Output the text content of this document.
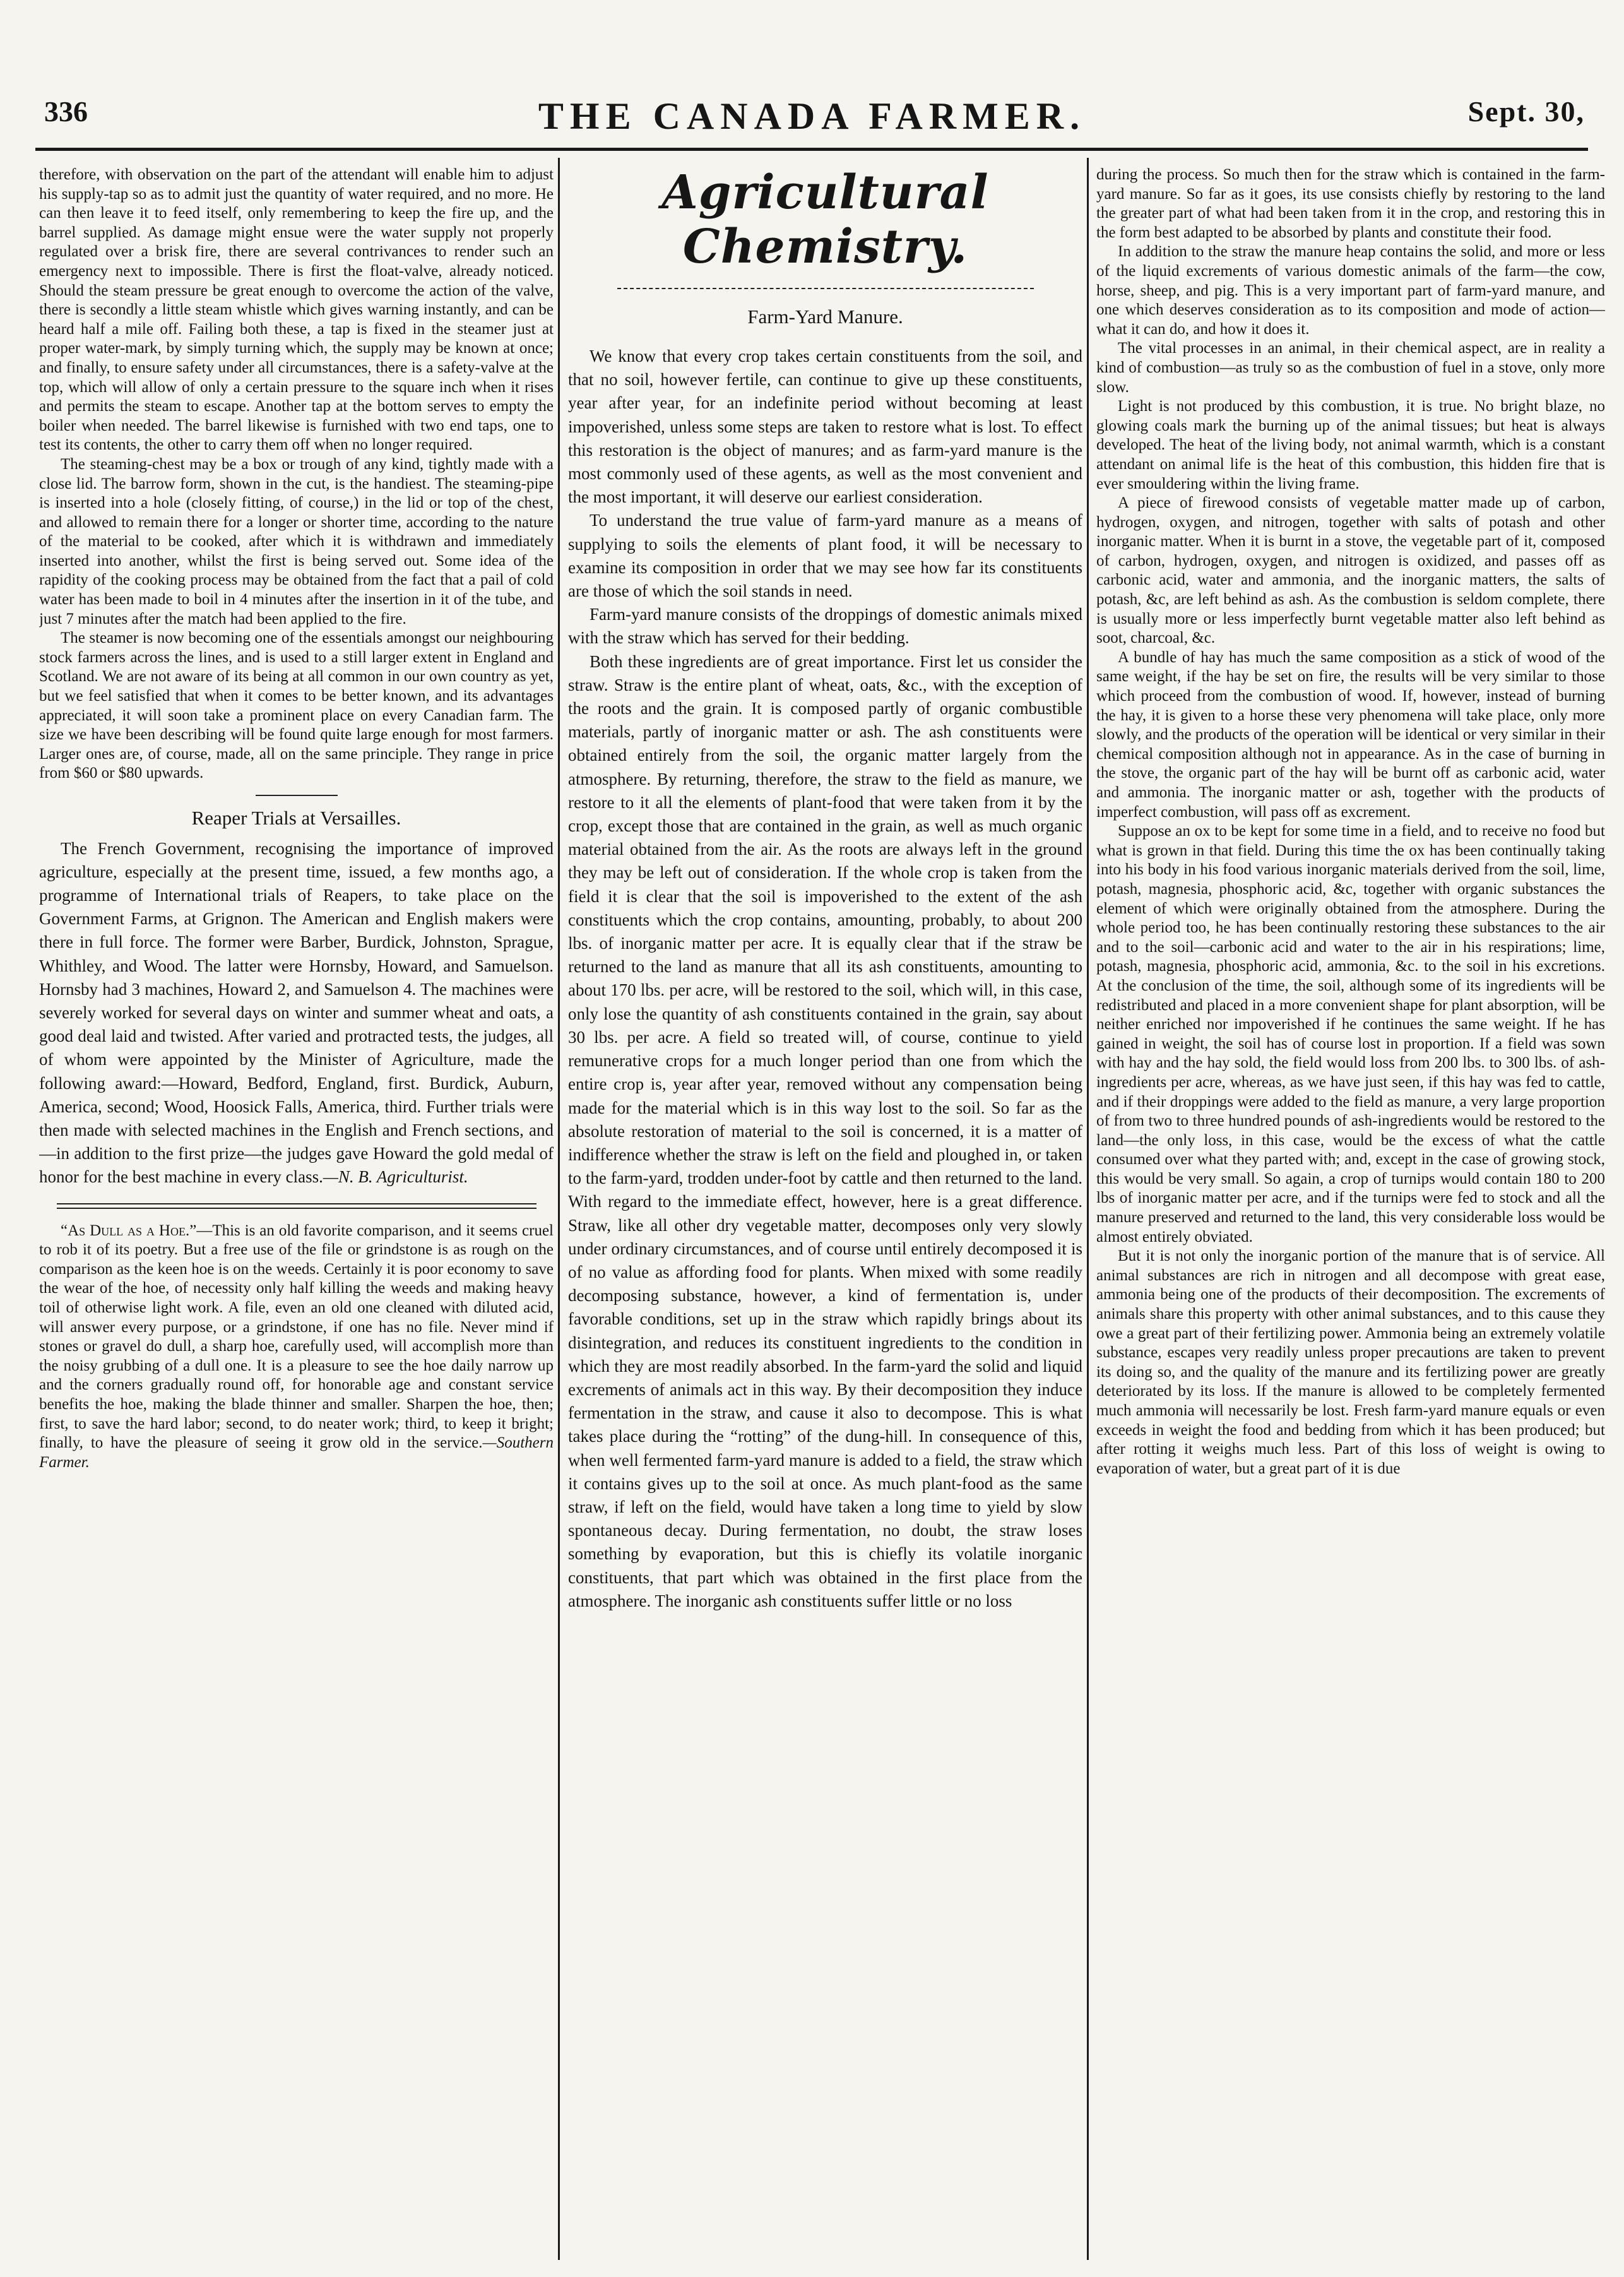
336	THE CANADA FARMER.	Sept. 30,

therefore, with observation on the part of the attendant will enable him to adjust his supply-tap so as to admit just the quantity of water required, and no more. He can then leave it to feed itself, only remembering to keep the fire up, and the barrel supplied. As damage might ensue were the water supply not properly regulated over a brisk fire, there are several contrivances to render such an emergency next to impossible. There is first the float-valve, already noticed. Should the steam pressure be great enough to overcome the action of the valve, there is secondly a little steam whistle which gives warning instantly, and can be heard half a mile off. Failing both these, a tap is fixed in the steamer just at proper water-mark, by simply turning which, the supply may be known at once; and finally, to ensure safety under all circumstances, there is a safety-valve at the top, which will allow of only a certain pressure to the square inch when it rises and permits the steam to escape. Another tap at the bottom serves to empty the boiler when needed. The barrel likewise is furnished with two end taps, one to test its contents, the other to carry them off when no longer required.

The steaming-chest may be a box or trough of any kind, tightly made with a close lid. The barrow form, shown in the cut, is the handiest. The steaming-pipe is inserted into a hole (closely fitting, of course,) in the lid or top of the chest, and allowed to remain there for a longer or shorter time, according to the nature of the material to be cooked, after which it is withdrawn and immediately inserted into another, whilst the first is being served out. Some idea of the rapidity of the cooking process may be obtained from the fact that a pail of cold water has been made to boil in 4 minutes after the insertion in it of the tube, and just 7 minutes after the match had been applied to the fire.

The steamer is now becoming one of the essentials amongst our neighbouring stock farmers across the lines, and is used to a still larger extent in England and Scotland. We are not aware of its being at all common in our own country as yet, but we feel satisfied that when it comes to be better known, and its advantages appreciated, it will soon take a prominent place on every Canadian farm. The size we have been describing will be found quite large enough for most farmers. Larger ones are, of course, made, all on the same principle. They range in price from $60 or $80 upwards.

Reaper Trials at Versailles.

The French Government, recognising the importance of improved agriculture, especially at the present time, issued, a few months ago, a programme of International trials of Reapers, to take place on the Government Farms, at Grignon. The American and English makers were there in full force. The former were Barber, Burdick, Johnston, Sprague, Whithley, and Wood. The latter were Hornsby, Howard, and Samuelson. Hornsby had 3 machines, Howard 2, and Samuelson 4. The machines were severely worked for several days on winter and summer wheat and oats, a good deal laid and twisted. After varied and protracted tests, the judges, all of whom were appointed by the Minister of Agriculture, made the following award:—Howard, Bedford, England, first. Burdick, Auburn, America, second; Wood, Hoosick Falls, America, third. Further trials were then made with selected machines in the English and French sections, and—in addition to the first prize—the judges gave Howard the gold medal of honor for the best machine in every class.—N. B. Agriculturist.

“As Dull as a Hoe.”—This is an old favorite comparison, and it seems cruel to rob it of its poetry. But a free use of the file or grindstone is as rough on the comparison as the keen hoe is on the weeds. Certainly it is poor economy to save the wear of the hoe, of necessity only half killing the weeds and making heavy toil of otherwise light work. A file, even an old one cleaned with diluted acid, will answer every purpose, or a grindstone, if one has no file. Never mind if stones or gravel do dull, a sharp hoe, carefully used, will accomplish more than the noisy grubbing of a dull one. It is a pleasure to see the hoe daily narrow up and the corners gradually round off, for honorable age and constant service benefits the hoe, making the blade thinner and smaller. Sharpen the hoe, then; first, to save the hard labor; second, to do neater work; third, to keep it bright; finally, to have the pleasure of seeing it grow old in the service.—Southern Farmer.

Agricultural Chemistry.
Farm-Yard Manure.

We know that every crop takes certain constituents from the soil, and that no soil, however fertile, can continue to give up these constituents, year after year, for an indefinite period without becoming at least impoverished, unless some steps are taken to restore what is lost. To effect this restoration is the object of manures; and as farm-yard manure is the most commonly used of these agents, as well as the most convenient and the most important, it will deserve our earliest consideration.

To understand the true value of farm-yard manure as a means of supplying to soils the elements of plant food, it will be necessary to examine its composition in order that we may see how far its constituents are those of which the soil stands in need.

Farm-yard manure consists of the droppings of domestic animals mixed with the straw which has served for their bedding.

Both these ingredients are of great importance. First let us consider the straw. Straw is the entire plant of wheat, oats, &c., with the exception of the roots and the grain. It is composed partly of organic combustible materials, partly of inorganic matter or ash. The ash constituents were obtained entirely from the soil, the organic matter largely from the atmosphere. By returning, therefore, the straw to the field as manure, we restore to it all the elements of plant-food that were taken from it by the crop, except those that are contained in the grain, as well as much organic material obtained from the air. As the roots are always left in the ground they may be left out of consideration. If the whole crop is taken from the field it is clear that the soil is impoverished to the extent of the ash constituents which the crop contains, amounting, probably, to about 200 lbs. of inorganic matter per acre. It is equally clear that if the straw be returned to the land as manure that all its ash constituents, amounting to about 170 lbs. per acre, will be restored to the soil, which will, in this case, only lose the quantity of ash constituents contained in the grain, say about 30 lbs. per acre. A field so treated will, of course, continue to yield remunerative crops for a much longer period than one from which the entire crop is, year after year, removed without any compensation being made for the material which is in this way lost to the soil. So far as the absolute restoration of material to the soil is concerned, it is a matter of indifference whether the straw is left on the field and ploughed in, or taken to the farm-yard, trodden under-foot by cattle and then returned to the land. With regard to the immediate effect, however, here is a great difference. Straw, like all other dry vegetable matter, decomposes only very slowly under ordinary circumstances, and of course until entirely decomposed it is of no value as affording food for plants. When mixed with some readily decomposing substance, however, a kind of fermentation is, under favorable conditions, set up in the straw which rapidly brings about its disintegration, and reduces its constituent ingredients to the condition in which they are most readily absorbed. In the farm-yard the solid and liquid excrements of animals act in this way. By their decomposition they induce fermentation in the straw, and cause it also to decompose. This is what takes place during the “rotting” of the dung-hill. In consequence of this, when well fermented farm-yard manure is added to a field, the straw which it contains gives up to the soil at once. As much plant-food as the same straw, if left on the field, would have taken a long time to yield by slow spontaneous decay. During fermentation, no doubt, the straw loses something by evaporation, but this is chiefly its volatile inorganic constituents, that part which was obtained in the first place from the atmosphere. The inorganic ash constituents suffer little or no loss

during the process. So much then for the straw which is contained in the farm-yard manure. So far as it goes, its use consists chiefly by restoring to the land the greater part of what had been taken from it in the crop, and restoring this in the form best adapted to be absorbed by plants and constitute their food.

In addition to the straw the manure heap contains the solid, and more or less of the liquid excrements of various domestic animals of the farm—the cow, horse, sheep, and pig. This is a very important part of farm-yard manure, and one which deserves consideration as to its composition and mode of action—what it can do, and how it does it.

The vital processes in an animal, in their chemical aspect, are in reality a kind of combustion—as truly so as the combustion of fuel in a stove, only more slow.

Light is not produced by this combustion, it is true. No bright blaze, no glowing coals mark the burning up of the animal tissues; but heat is always developed. The heat of the living body, not animal warmth, which is a constant attendant on animal life is the heat of this combustion, this hidden fire that is ever smouldering within the living frame.

A piece of firewood consists of vegetable matter made up of carbon, hydrogen, oxygen, and nitrogen, together with salts of potash and other inorganic matter. When it is burnt in a stove, the vegetable part of it, composed of carbon, hydrogen, oxygen, and nitrogen is oxidized, and passes off as carbonic acid, water and ammonia, and the inorganic matters, the salts of potash, &c, are left behind as ash. As the combustion is seldom complete, there is usually more or less imperfectly burnt vegetable matter also left behind as soot, charcoal, &c.

A bundle of hay has much the same composition as a stick of wood of the same weight, if the hay be set on fire, the results will be very similar to those which proceed from the combustion of wood. If, however, instead of burning the hay, it is given to a horse these very phenomena will take place, only more slowly, and the products of the operation will be identical or very similar in their chemical composition although not in appearance. As in the case of burning in the stove, the organic part of the hay will be burnt off as carbonic acid, water and ammonia. The inorganic matter or ash, together with the products of imperfect combustion, will pass off as excrement.

Suppose an ox to be kept for some time in a field, and to receive no food but what is grown in that field. During this time the ox has been continually taking into his body in his food various inorganic materials derived from the soil, lime, potash, magnesia, phosphoric acid, &c, together with organic substances the element of which were originally obtained from the atmosphere. During the whole period too, he has been continually restoring these substances to the air and to the soil—carbonic acid and water to the air in his respirations; lime, potash, magnesia, phosphoric acid, ammonia, &c. to the soil in his excretions. At the conclusion of the time, the soil, although some of its ingredients will be redistributed and placed in a more convenient shape for plant absorption, will be neither enriched nor impoverished if he continues the same weight. If he has gained in weight, the soil has of course lost in proportion. If a field was sown with hay and the hay sold, the field would loss from 200 lbs. to 300 lbs. of ash-ingredients per acre, whereas, as we have just seen, if this hay was fed to cattle, and if their droppings were added to the field as manure, a very large proportion of from two to three hundred pounds of ash-ingredients would be restored to the land—the only loss, in this case, would be the excess of what the cattle consumed over what they parted with; and, except in the case of growing stock, this would be very small. So again, a crop of turnips would contain 180 to 200 lbs of inorganic matter per acre, and if the turnips were fed to stock and all the manure preserved and returned to the land, this very considerable loss would be almost entirely obviated.

But it is not only the inorganic portion of the manure that is of service. All animal substances are rich in nitrogen and all decompose with great ease, ammonia being one of the products of their decomposition. The excrements of animals share this property with other animal substances, and to this cause they owe a great part of their fertilizing power. Ammonia being an extremely volatile substance, escapes very readily unless proper precautions are taken to prevent its doing so, and the quality of the manure and its fertilizing power are greatly deteriorated by its loss. If the manure is allowed to be completely fermented much ammonia will necessarily be lost. Fresh farm-yard manure equals or even exceeds in weight the food and bedding from which it has been produced; but after rotting it weighs much less. Part of this loss of weight is owing to evaporation of water, but a great part of it is due
